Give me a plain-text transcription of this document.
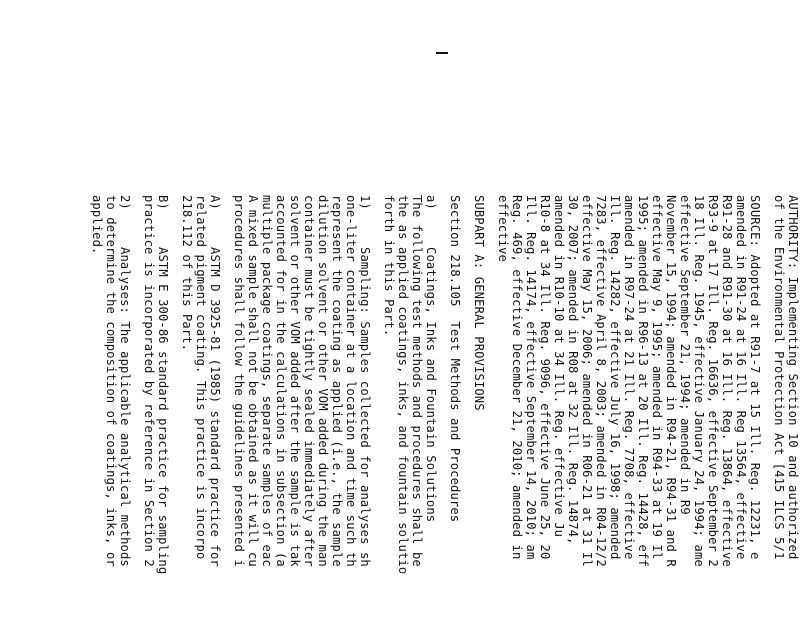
AUTHORITY: Implementing Section 10 and authorized
of the Environmental Protection Act [415 ILCS 5/1
SOURCE: Adopted at R91-7 at 15 Ill. Reg. 12231, e
amended in R91-24 at 16 Ill. Reg 13564, effective
R91-28 and R91-30 at 16 Ill. Reg. 13864, effective
R93-9 at 17 Ill. Reg. 16636, effective September 2
18 Ill. Reg. 1945, effective January 24, 1994; ame
effective September 21, 1994; amended in R9
November 15, 1994; amended in R94-21, R94-31 and R
effective May 9, 1995; amended in R94-33 at 19 Il
1995; amended in R96-13 at 20 Ill. Reg. 14428, eff
amended in R97-24 at 21 Ill. Reg. 7708, effective
Ill. Reg. 14282, effective July 16, 1998; amended
7283, effective April 8, 2003; amended in R04-12/2
effective May 15, 2006; amended in R06-21 at 31 Il
30, 2007; amended in R08 at 32 Ill. Reg. 14874,
amended in R10-10 at 34 Ill. Reg. effective Ju
R10-8 at 34 Ill. Reg. 9096, effective June 25, 20
Ill. Reg. 14174, effective September 14, 2010; am
Reg. 469, effective December 21, 2010; amended in
effective
SUBPART A: GENERAL PROVISIONS
Section 218.105  Test Methods and Procedures
a)     Coatings, Inks and Fountain Solutions
The following test methods and procedures shall be
the as applied coatings, inks, and fountain solutio
forth in this Part.
1)     Sampling: Samples collected for analyses sh
one-liter container at a location and time such th
represent the coating as applied (i.e., the sample
dilution solvent or other VOM added during the man
container must be tightly sealed immediately after
solvent or other VOM added after the sample is tak
accounted for in the calculations in subsection (a
multiple package coatings, separate samples of eac
A mixed sample shall not be obtained as it will cu
procedures shall follow the guidelines presented i
A)     ASTM D 3925-81 (1985) standard practice for
related pigment coating. This practice is incorpo
218.112 of this Part.
B)     ASTM E 300-86 standard practice for sampling
practice is incorporated by reference in Section 2
2)     Analyses: The applicable analytical methods
to determine the composition of coatings, inks, or
applied.
